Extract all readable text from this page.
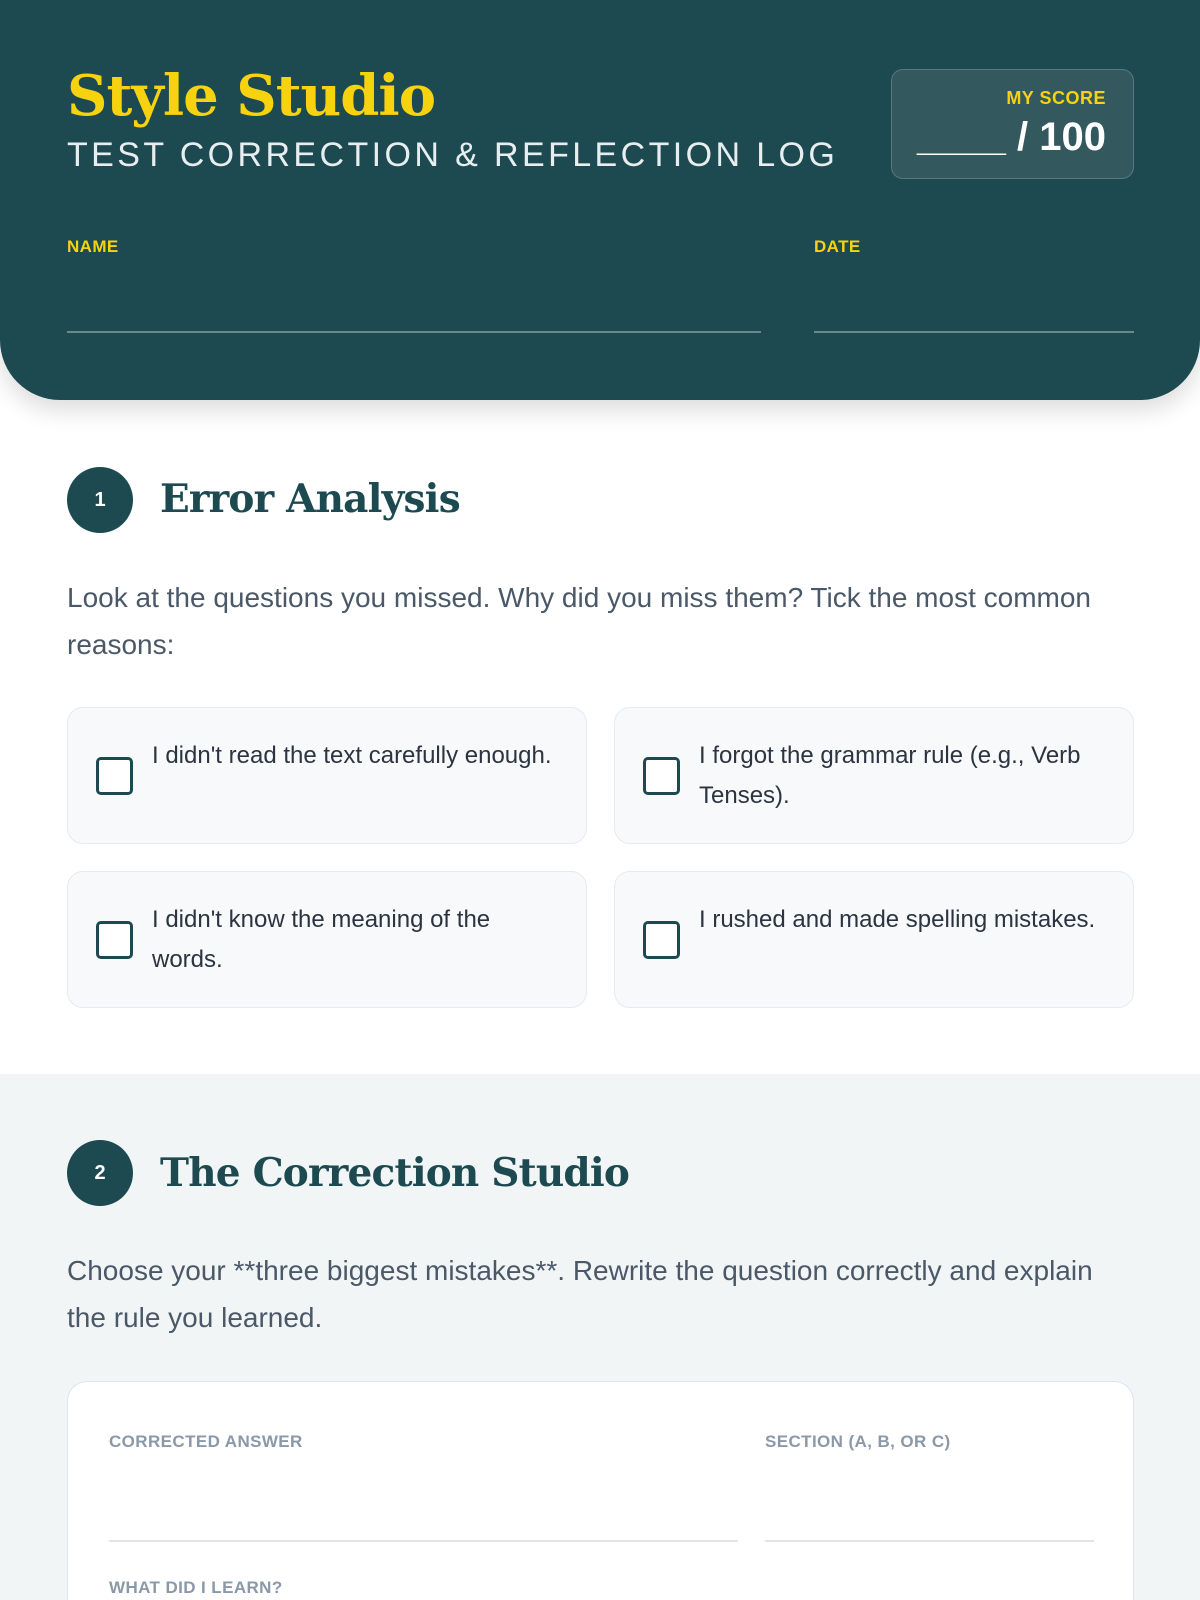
Style Studio
TEST CORRECTION & REFLECTION LOG
MY SCORE
____ / 100
NAME	DATE
1	Error Analysis

Look at the questions you missed. Why did you miss them? Tick the most common reasons:

I didn't read the text carefully enough.	I forgot the grammar rule (e.g., Verb Tenses).
I didn't know the meaning of the words.
I rushed and made spelling mistakes.
2	The Correction Studio

Choose your **three biggest mistakes**. Rewrite the question correctly and explain the rule you learned.

CORRECTED ANSWER	SECTION (A, B, OR C)
WHAT DID I LEARN?
